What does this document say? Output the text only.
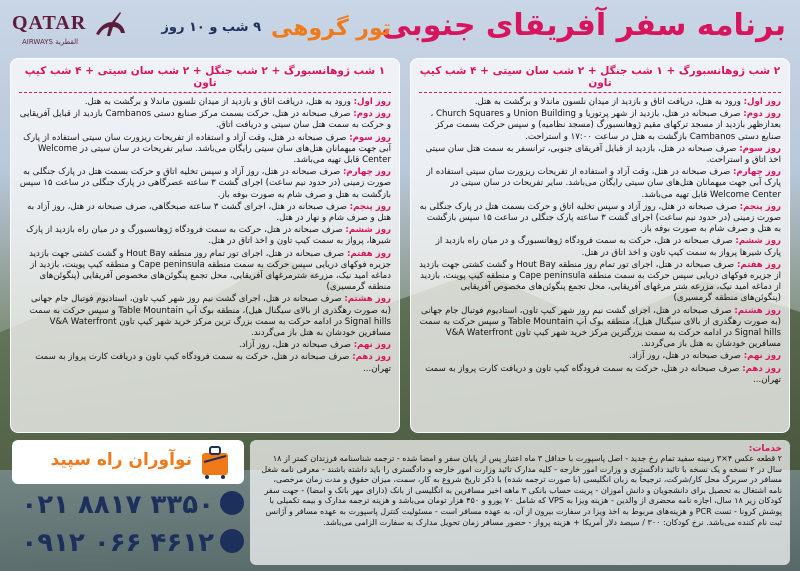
QATAR
AIRWAYS القطرية	برنامه سفر آفریقای جنوبی
تور گروهی
۹ شب و ۱۰ روز
۲ شب ژوهانسبورگ + ۱ شب جنگل + ۲ شب سان سیتی + ۴ شب کیپ تاون
روز اول: ورود به هتل، دریافت اتاق و بازدید از میدان نلسون ماندلا و برگشت به هتل.
روز دوم: صرف صبحانه در هتل، بازدید از شهر پرتوریا و Union Building و Church Squares ، بعدازظهر بازدید از مسجد ترکهای مقیم ژوهانسبورگ (مسجد نظامیه) و سپس حرکت بسمت مرکز صنایع دستی Cambanos بازگشت به هتل در ساعت ۱۷:۰۰ و استراحت.
روز سوم: صرف صبحانه در هتل، بازدید از قبایل آفریقای جنوبی، ترانسفر به سمت هتل سان سیتی اخذ اتاق و استراحت.
روز چهارم: صرف صبحانه در هتل، وقت آزاد و استفاده از تفریحات ریزورت سان سیتی استفاده از پارک آبی جهت میهمانان هتل‌های سان سیتی رایگان می‌باشد. سایر تفریحات در سان سیتی در Welcome Center قابل تهیه می‌باشد.
روز پنجم: صرف صبحانه در هتل، روز آزاد و سپس تخلیه اتاق و حرکت بسمت هتل در پارک جنگلی به صورت زمینی (در حدود نیم ساعت) اجرای گشت ۳ ساعته پارک جنگلی در ساعت ۱۵ سپس بازگشت به هتل و صرف شام به صورت بوفه باز.
روز ششم: صرف صبحانه در هتل، حرکت به سمت فرودگاه ژوهانسبورگ و در میان راه بازدید از پارک شیرها پرواز به سمت کیپ تاون و اخذ اتاق در هتل.
روز هفتم: صرف صبحانه در هتل، اجرای تور تمام روز منطقه Hout Bay و گشت کشتی جهت بازدید از جزیره فوکهای دریایی سپس حرکت به سمت منطقه Cape peninsula و منطقه کیپ پوینت، بازدید از دماغه امید نیک، مزرعه شتر مرغهای آفریقایی، محل تجمع پنگوئن‌های مخصوص آفریقایی (پنگوئن‌های منطقه گرمسیری)
روز هشتم: صرف صبحانه در هتل، اجرای گشت نیم روز شهر کیپ تاون، استادیوم فوتبال جام جهانی (به صورت رهگذری از بالای سیگنال هیل)، منطقه بوک آپ Table Mountain و سپس حرکت به سمت Signal hills در ادامه حرکت به سمت بزرگترین مرکز خرید شهر کیپ تاون V&A Waterfront مسافرین خودشان به هتل باز می‌گردند.
روز نهم: صرف صبحانه در هتل، روز آزاد.
روز دهم: صرف صبحانه در هتل، حرکت به سمت فرودگاه کیپ تاون و دریافت کارت پرواز به سمت تهران...
۱ شب ژوهانسبورگ + ۲ شب جنگل + ۲ شب سان سیتی + ۴ شب کیپ تاون
روز اول: ورود به هتل، دریافت اتاق و بازدید از میدان نلسون ماندلا و برگشت به هتل.
روز دوم: صرف صبحانه در هتل، حرکت بسمت مرکز صنایع دستی Cambanos بازدید از قبایل آفریقایی و حرکت به سمت هتل سان سیتی و دریافت اتاق.
روز سوم: صرف صبحانه در هتل، وقت آزاد و استفاده از تفریحات ریزورت سان سیتی استفاده از پارک آبی جهت میهمانان هتل‌های سان سیتی رایگان می‌باشد. سایر تفریحات در سان سیتی در Welcome Center قابل تهیه می‌باشد.
روز چهارم: صرف صبحانه در هتل، روز آزاد و سپس تخلیه اتاق و حرکت بسمت هتل در پارک جنگلی به صورت زمینی (در حدود نیم ساعت) اجرای گشت ۳ ساعته عصرگاهی در پارک جنگلی در ساعت ۱۵ سپس بازگشت به هتل و صرف شام به صورت بوفه باز.
روز پنجم: صرف صبحانه در هتل، اجرای گشت ۳ ساعته صبحگاهی، صرف صبحانه در هتل، روز آزاد به هتل و صرف شام و نهار در هتل.
روز ششم: صرف صبحانه در هتل، حرکت به سمت فرودگاه ژوهانسبورگ و در میان راه بازدید از پارک شیرها، پرواز به سمت کیپ تاون و اخذ اتاق در هتل.
روز هفتم: صرف صبحانه در هتل، اجرای تور تمام روز منطقه Hout Bay و گشت کشتی جهت بازدید جزیره فوکهای دریایی سپس حرکت به سمت منطقه Cape peninsula و منطقه کیپ پوینت، بازدید از دماغه امید نیک، مزرعه شترمرغهای آفریقایی، محل تجمع پنگوئن‌های مخصوص آفریقایی (پنگوئن‌های منطقه گرمسیری)
روز هشتم: صرف صبحانه در هتل، اجرای گشت نیم روز شهر کیپ تاون، استادیوم فوتبال جام جهانی (به صورت رهگذری از بالای سیگنال هیل)، منطقه بوک آپ Table Mountain و سپس حرکت به سمت Signal hills در ادامه حرکت به سمت بزرگ ترین مرکز خرید شهر کیپ تاون V&A Waterfront مسافرین خودشان به هتل باز می‌گردند.
روز نهم: صرف صبحانه در هتل، روز آزاد.
روز دهم: صرف صبحانه در هتل، حرکت به سمت فرودگاه کیپ تاون و دریافت کارت پرواز به سمت تهران...
نوآوران راه سپید
۰۲۱ ۸۸۱۷ ۳۳۵۰
۰۹۱۲ ۰۶۶ ۴۶۱۲
خدمات:
۲ قطعه عکس ۴×۳ زمینه سفید تمام رخ جدید - اصل پاسپورت با حداقل ۳ ماه اعتبار پس از پایان سفر و امضا شده - ترجمه شناسنامه فرزندان کمتر از ۱۸ سال در ۲ نسخه و یک نسخه با تائید دادگستری و وزارت امور خارجه - کلیه مدارک تائید وزارت امور خارجه و دادگستری را باید داشته باشند - معرفی نامه شغل مسافر در سربرگ محل کار/شرکت، ترجیحاً به زبان انگلیسی (با صورت ترجمه شده) با ذکر تاریخ شروع به کار، سمت، میزان حقوق و مدت زمان مرخصی، نامه اشتغال به تحصیل برای دانشجویان و دانش آموزان - پرینت حساب بانکی ۳ ماهه اخیر مسافرین به انگلیسی از بانک (دارای مهر بانک و امضا) - جهت سفر کودکان زیر ۱۸ سال، اجازه نامه محضری از والدین - هزینه ویزا به VPS که شامل ۷۰ یورو و ۴۵۰ هزار تومان می‌باشد و هزینه ترجمه مدارک و بیمه تکمیلی با پوشش کرونا - تست PCR و هزینه‌های مربوط به اخذ ویزا در سفارت بیرون از آن، به عهده مسافر است - مسئولیت کنترل پاسپورت به عهده مسافر و آژانس ثبت نام کننده می‌باشد. نرخ کودکان: ۳۰۰ / سیصد دلار آمریکا + هزینه پرواز - حضور مسافر زمان تحویل مدارک به سفارت الزامی می‌باشد.
